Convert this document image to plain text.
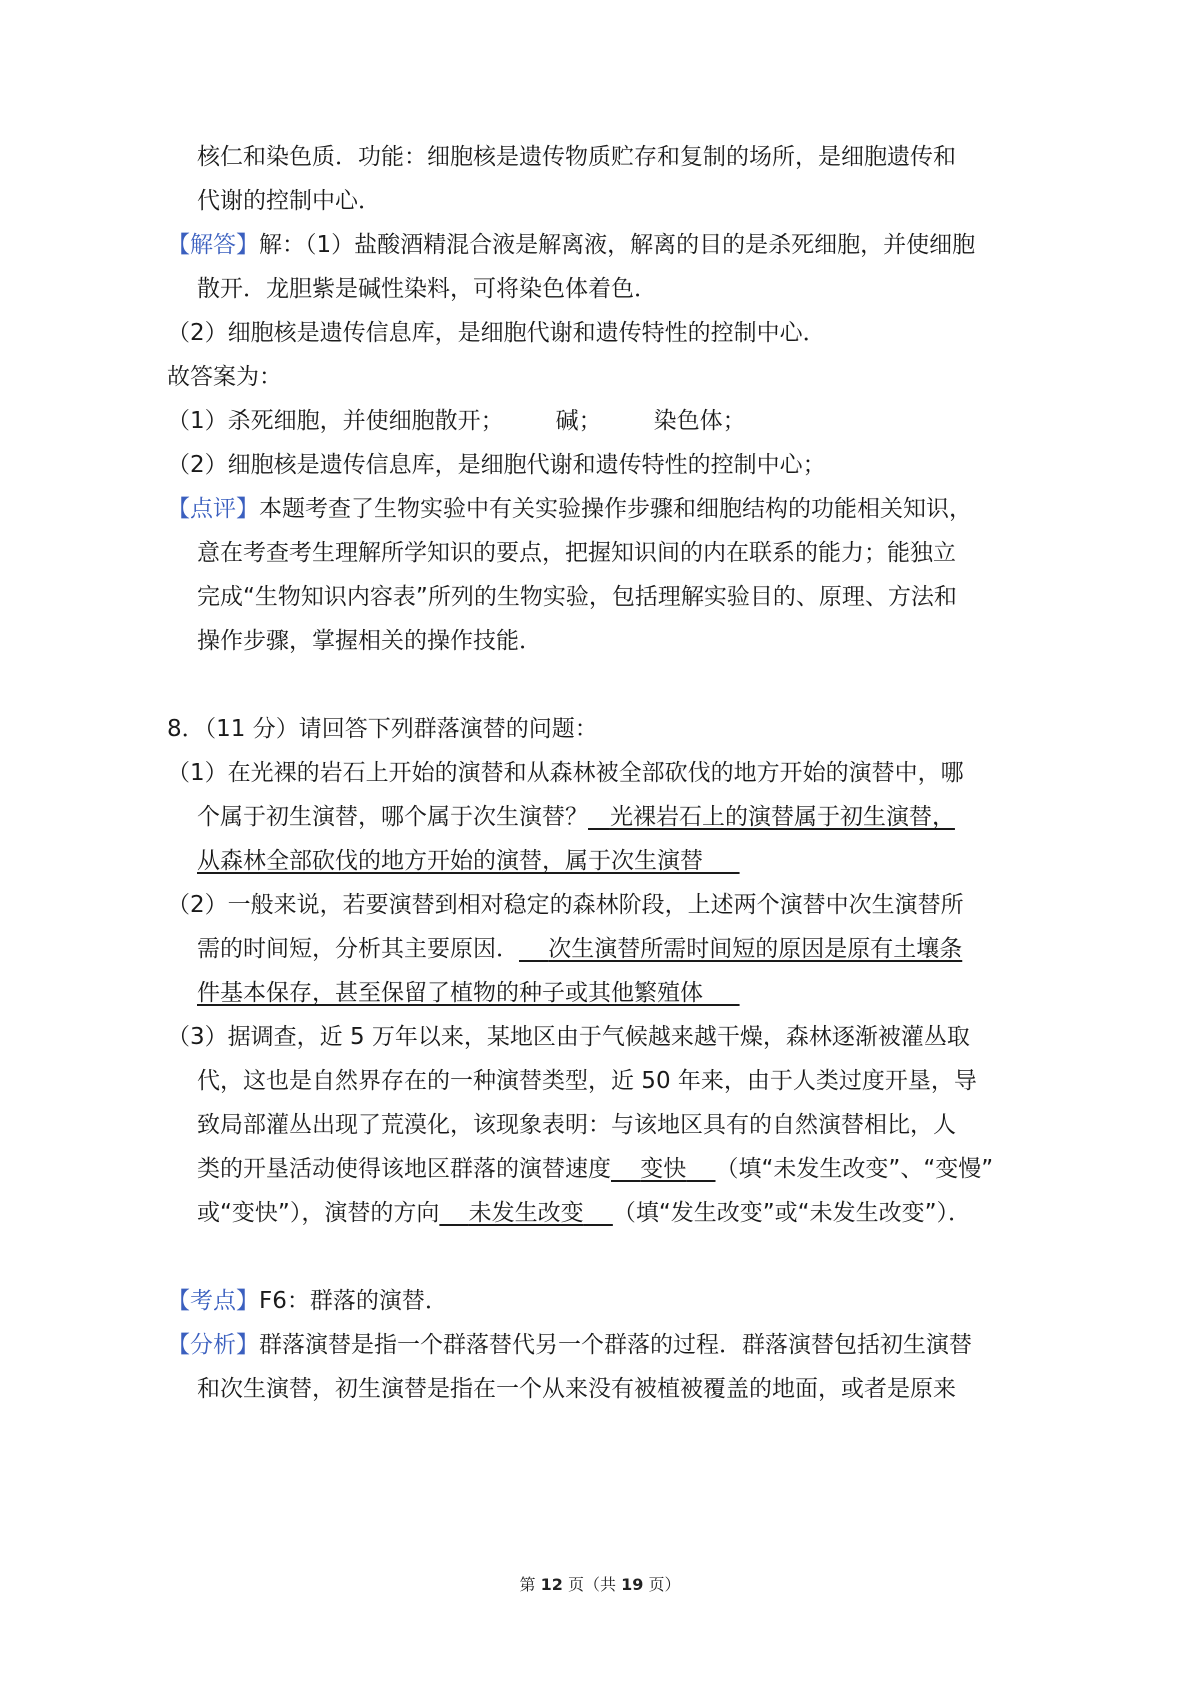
核仁和染色质．功能：细胞核是遗传物质贮存和复制的场所，是细胞遗传和
代谢的控制中心．
【解答】解：（1）盐酸酒精混合液是解离液，解离的目的是杀死细胞，并使细胞
散开．龙胆紫是碱性染料，可将染色体着色．
（2）细胞核是遗传信息库，是细胞代谢和遗传特性的控制中心．
故答案为：
（1）杀死细胞，并使细胞散开； 碱； 染色体；
（2）细胞核是遗传信息库，是细胞代谢和遗传特性的控制中心；
【点评】本题考查了生物实验中有关实验操作步骤和细胞结构的功能相关知识，
意在考查考生理解所学知识的要点，把握知识间的内在联系的能力；能独立
完成“生物知识内容表”所列的生物实验，包括理解实验目的、原理、方法和
操作步骤，掌握相关的操作技能．
8．（11 分）请回答下列群落演替的问题：
（1）在光裸的岩石上开始的演替和从森林被全部砍伐的地方开始的演替中，哪
个属于初生演替，哪个属于次生演替？ 光裸岩石上的演替属于初生演替，
从森林全部砍伐的地方开始的演替，属于次生演替
（2）一般来说，若要演替到相对稳定的森林阶段，上述两个演替中次生演替所
需的时间短，分析其主要原因． 次生演替所需时间短的原因是原有土壤条
件基本保存，甚至保留了植物的种子或其他繁殖体
（3）据调查，近 5 万年以来，某地区由于气候越来越干燥，森林逐渐被灌丛取
代，这也是自然界存在的一种演替类型，近 50 年来，由于人类过度开垦，导
致局部灌丛出现了荒漠化，该现象表明：与该地区具有的自然演替相比，人
类的开垦活动使得该地区群落的演替速度 变快 （填“未发生改变”、“变慢”
或“变快”），演替的方向 未发生改变 （填“发生改变”或“未发生改变”）．
【考点】F6：群落的演替．
【分析】群落演替是指一个群落替代另一个群落的过程．群落演替包括初生演替
和次生演替，初生演替是指在一个从来没有被植被覆盖的地面，或者是原来
第 12 页（共 19 页）
